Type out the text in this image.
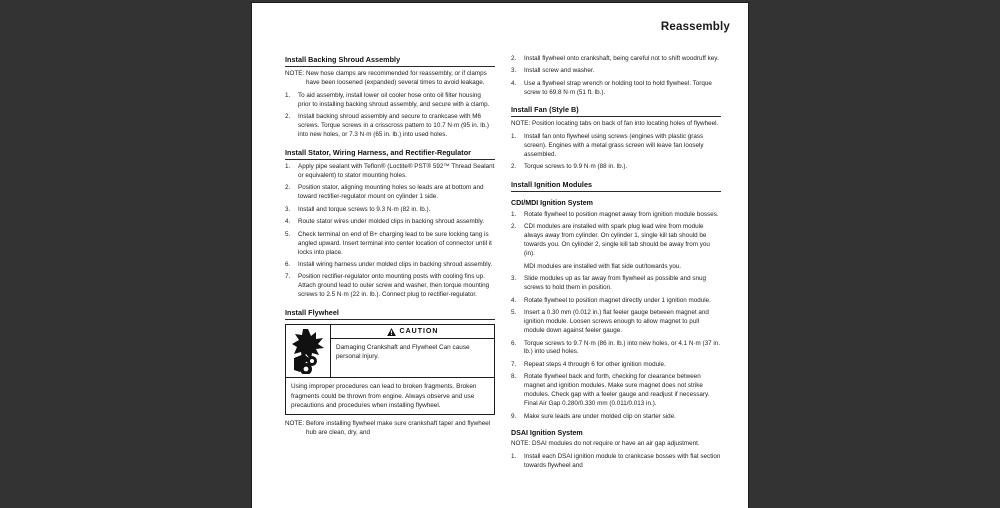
Reassembly
Install Backing Shroud Assembly
NOTE: New hose clamps are recommended for reassembly, or if clamps have been loosened (expanded) several times to avoid leakage.
1.	To aid assembly, install lower oil cooler hose onto oil filter housing prior to installing backing shroud assembly, and secure with a clamp.
2.	Install backing shroud assembly and secure to crankcase with M6 screws. Torque screws in a crisscross pattern to 10.7 N·m (95 in. lb.) into new holes, or 7.3 N·m (65 in. lb.) into used holes.
Install Stator, Wiring Harness, and Rectifier-Regulator
1.	Apply pipe sealant with Teflon® (Loctite® PST® 592™ Thread Sealant or equivalent) to stator mounting holes.
2.	Position stator, aligning mounting holes so leads are at bottom and toward rectifier-regulator mount on cylinder 1 side.
3.	Install and torque screws to 9.3 N·m (82 in. lb.).
4.	Route stator wires under molded clips in backing shroud assembly.
5.	Check terminal on end of B+ charging lead to be sure locking tang is angled upward. Insert terminal into center location of connector until it locks into place.
6.	Install wiring harness under molded clips in backing shroud assembly.
7.	Position rectifier-regulator onto mounting posts with cooling fins up. Attach ground lead to outer screw and washer, then torque mounting screws to 2.5 N·m (22 in. lb.). Connect plug to rectifier-regulator.
Install Flywheel
CAUTION
Damaging Crankshaft and Flywheel Can cause personal injury.
Using improper procedures can lead to broken fragments. Broken fragments could be thrown from engine. Always observe and use precautions and procedures when installing flywheel.
NOTE: Before installing flywheel make sure crankshaft taper and flywheel hub are clean, dry, and
2.	Install flywheel onto crankshaft, being careful not to shift woodruff key.
3.	Install screw and washer.
4.	Use a flywheel strap wrench or holding tool to hold flywheel. Torque screw to 69.8 N·m (51 ft. lb.).
Install Fan (Style B)
NOTE: Position locating tabs on back of fan into locating holes of flywheel.
1.	Install fan onto flywheel using screws (engines with plastic grass screen). Engines with a metal grass screen will leave fan loosely assembled.
2.	Torque screws to 9.9 N·m (88 in. lb.).
Install Ignition Modules
CDI/MDI Ignition System
1.	Rotate flywheel to position magnet away from ignition module bosses.
2.	CDI modules are installed with spark plug lead wire from module always away from cylinder. On cylinder 1, single kill tab should be towards you. On cylinder 2, single kill tab should be away from you (in).
MDI modules are installed with flat side out/towards you.
3.	Slide modules up as far away from flywheel as possible and snug screws to hold them in position.
4.	Rotate flywheel to position magnet directly under 1 ignition module.
5.	Insert a 0.30 mm (0.012 in.) flat feeler gauge between magnet and ignition module. Loosen screws enough to allow magnet to pull module down against feeler gauge.
6.	Torque screws to 9.7 N·m (86 in. lb.) into new holes, or 4.1 N·m (37 in. lb.) into used holes.
7.	Repeat steps 4 through 6 for other ignition module.
8.	Rotate flywheel back and forth, checking for clearance between magnet and ignition modules. Make sure magnet does not strike modules. Check gap with a feeler gauge and readjust if necessary. Final Air Gap 0.280/0.330 mm (0.011/0.013 in.).
9.	Make sure leads are under molded clip on starter side.
DSAI Ignition System
NOTE: DSAI modules do not require or have an air gap adjustment.
1.	Install each DSAI ignition module to crankcase bosses with flat section towards flywheel and
